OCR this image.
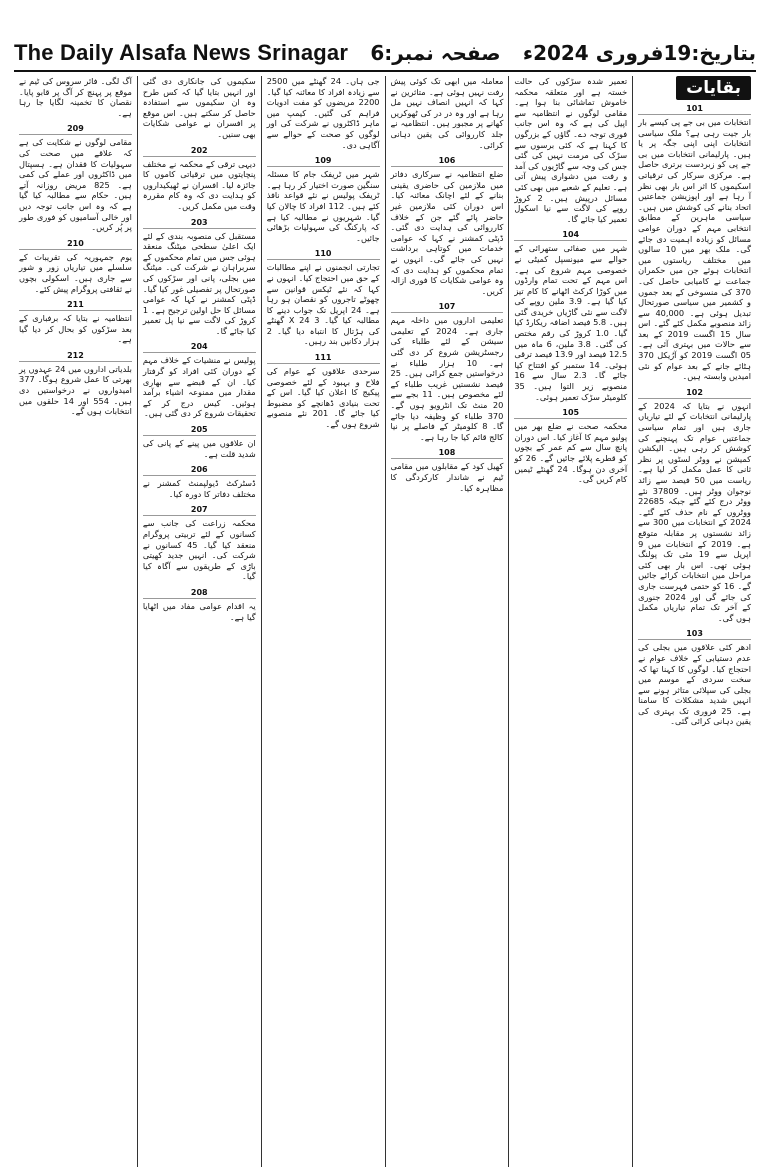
The Daily Alsafa News Srinagar صفحہ نمبر:6 بتاریخ:19فروری 2024ء
بقایات
101

انتخابات میں بی جے پی کیسے بار بار جیت رہی ہے؟ ملک سیاسی انتخابات اپنی اپنی جگہ پر یا ہیں۔ پارلیمانی انتخابات میں بی جے پی کو زبردست برتری حاصل ہے۔ مرکزی سرکار کی ترقیاتی اسکیموں کا اثر اس بار بھی نظر آ رہا ہے اور اپوزیشن جماعتیں اتحاد بنانے کی کوشش میں ہیں۔ سیاسی ماہرین کے مطابق انتخابی مہم کے دوران عوامی مسائل کو زیادہ اہمیت دی جائے گی۔ ملک بھر میں 10 سالوں میں مختلف ریاستوں میں انتخابات ہوئے جن میں حکمران جماعت نے کامیابی حاصل کی۔ 370 کی منسوخی کے بعد جموں و کشمیر میں سیاسی صورتحال تبدیل ہوئی ہے۔ 40,000 سے زائد منصوبے مکمل کئے گئے۔ اس سال 15 اگست 2019 کے بعد سے حالات میں بہتری آئی ہے۔ 05 اگست 2019 کو آرُیکل 370 ہٹائے جانے کے بعد عوام کو نئی امیدیں وابستہ ہیں۔

102

انہوں نے بتایا کہ 2024 کے پارلیمانی انتخابات کے لئے تیاریاں جاری ہیں اور تمام سیاسی جماعتیں عوام تک پہنچنے کی کوشش کر رہی ہیں۔ الیکشن کمیشن نے ووٹر لسٹوں پر نظر ثانی کا عمل مکمل کر لیا ہے۔ ریاست میں 50 فیصد سے زائد نوجوان ووٹر ہیں۔ 37809 نئے ووٹر درج کئے گئے جبکہ 22685 ووٹروں کے نام حذف کئے گئے۔ 2024 کے انتخابات میں 300 سے زائد نشستوں پر مقابلہ متوقع ہے۔ 2019 کے انتخابات میں 9 اپریل سے 19 مئی تک پولنگ ہوئی تھی۔ اس بار بھی کئی مراحل میں انتخابات کرائے جائیں گے۔ 16 کو حتمی فہرست جاری کی جائے گی اور 2024 جنوری کے آخر تک تمام تیاریاں مکمل ہوں گی۔

103

ادھر کئی علاقوں میں بجلی کی عدم دستیابی کے خلاف عوام نے احتجاج کیا۔ لوگوں کا کہنا تھا کہ سخت سردی کے موسم میں بجلی کی سپلائی متاثر ہونے سے انہیں شدید مشکلات کا سامنا ہے۔ 25 فروری تک بہتری کی یقین دہانی کرائی گئی۔

تعمیر شدہ سڑکوں کی حالت خستہ ہے اور متعلقہ محکمہ خاموش تماشائی بنا ہوا ہے۔ مقامی لوگوں نے انتظامیہ سے اپیل کی ہے کہ وہ اس جانب فوری توجہ دے۔ گاؤں کے بزرگوں کا کہنا ہے کہ کئی برسوں سے سڑک کی مرمت نہیں کی گئی جس کی وجہ سے گاڑیوں کی آمد و رفت میں دشواری پیش آتی ہے۔ تعلیم کے شعبے میں بھی کئی مسائل درپیش ہیں۔ 2 کروڑ روپے کی لاگت سے نیا اسکول تعمیر کیا جائے گا۔

104

شہر میں صفائی ستھرائی کے حوالے سے میونسپل کمیٹی نے خصوصی مہم شروع کی ہے۔ اس مہم کے تحت تمام وارڈوں میں کوڑا کرکٹ اٹھانے کا کام تیز کیا گیا ہے۔ 3.9 ملین روپے کی لاگت سے نئی گاڑیاں خریدی گئی ہیں۔ 5.8 فیصد اضافہ ریکارڈ کیا گیا۔ 1.0 کروڑ کی رقم مختص کی گئی۔ 3.8 ملین، 6 ماہ میں 12.5 فیصد اور 13.9 فیصد ترقی ہوئی۔ 14 ستمبر کو افتتاح کیا جائے گا۔ 2.3 سال سے 16 منصوبے زیر التوا ہیں۔ 35 کلومیٹر سڑک تعمیر ہوئی۔

105

محکمہ صحت نے ضلع بھر میں پولیو مہم کا آغاز کیا۔ اس دوران پانچ سال سے کم عمر کے بچوں کو قطرے پلائے جائیں گے۔ 26 کو آخری دن ہوگا۔ 24 گھنٹے ٹیمیں کام کریں گی۔

معاملہ میں ابھی تک کوئی پیش رفت نہیں ہوئی ہے۔ متاثرین نے کہا کہ انہیں انصاف نہیں مل رہا ہے اور وہ در در کی ٹھوکریں کھانے پر مجبور ہیں۔ انتظامیہ نے جلد کارروائی کی یقین دہانی کرائی۔

106

ضلع انتظامیہ نے سرکاری دفاتر میں ملازمین کی حاضری یقینی بنانے کے لئے اچانک معائنہ کیا۔ اس دوران کئی ملازمین غیر حاضر پائے گئے جن کے خلاف کارروائی کی ہدایت دی گئی۔ ڈپٹی کمشنر نے کہا کہ عوامی خدمات میں کوتاہی برداشت نہیں کی جائے گی۔ انہوں نے تمام محکموں کو ہدایت دی کہ وہ عوامی شکایات کا فوری ازالہ کریں۔

107

تعلیمی اداروں میں داخلہ مہم جاری ہے۔ 2024 کے تعلیمی سیشن کے لئے طلباء کی رجسٹریشن شروع کر دی گئی ہے۔ 10 ہزار طلباء نے درخواستیں جمع کرائی ہیں۔ 25 فیصد نشستیں غریب طلباء کے لئے مخصوص ہیں۔ 11 بجے سے 20 منٹ تک انٹرویو ہوں گے۔ 370 طلباء کو وظیفہ دیا جائے گا۔ 8 کلومیٹر کے فاصلے پر نیا کالج قائم کیا جا رہا ہے۔

108

کھیل کود کے مقابلوں میں مقامی ٹیم نے شاندار کارکردگی کا مظاہرہ کیا۔

جی ہاں۔ 24 گھنٹے میں 2500 سے زیادہ افراد کا معائنہ کیا گیا۔ 2200 مریضوں کو مفت ادویات فراہم کی گئیں۔ کیمپ میں ماہر ڈاکٹروں نے شرکت کی اور لوگوں کو صحت کے حوالے سے آگاہی دی۔

109

شہر میں ٹریفک جام کا مسئلہ سنگین صورت اختیار کر رہا ہے۔ ٹریفک پولیس نے نئے قواعد نافذ کئے ہیں۔ 112 افراد کا چالان کیا گیا۔ شہریوں نے مطالبہ کیا ہے کہ پارکنگ کی سہولیات بڑھائی جائیں۔

110

تجارتی انجمنوں نے اپنے مطالبات کے حق میں احتجاج کیا۔ انہوں نے کہا کہ نئے ٹیکس قوانین سے چھوٹے تاجروں کو نقصان ہو رہا ہے۔ 24 اپریل تک جواب دینے کا مطالبہ کیا گیا۔ 3 X 24 گھنٹے کی ہڑتال کا انتباہ دیا گیا۔ 2 ہزار دکانیں بند رہیں۔

111

سرحدی علاقوں کے عوام کی فلاح و بہبود کے لئے خصوصی پیکیج کا اعلان کیا گیا۔ اس کے تحت بنیادی ڈھانچے کو مضبوط کیا جائے گا۔ 201 نئے منصوبے شروع ہوں گے۔

سکیموں کی جانکاری دی گئی اور انہیں بتایا گیا کہ کس طرح وہ ان سکیموں سے استفادہ حاصل کر سکتے ہیں۔ اس موقع پر افسران نے عوامی شکایات بھی سنیں۔

202

دیہی ترقی کے محکمہ نے مختلف پنچایتوں میں ترقیاتی کاموں کا جائزہ لیا۔ افسران نے ٹھیکیداروں کو ہدایت دی کہ وہ کام مقررہ وقت میں مکمل کریں۔

203

مستقبل کی منصوبہ بندی کے لئے ایک اعلیٰ سطحی میٹنگ منعقد ہوئی جس میں تمام محکموں کے سربراہان نے شرکت کی۔ میٹنگ میں بجلی، پانی اور سڑکوں کی صورتحال پر تفصیلی غور کیا گیا۔ ڈپٹی کمشنر نے کہا کہ عوامی مسائل کا حل اولین ترجیح ہے۔ 1 کروڑ کی لاگت سے نیا پل تعمیر کیا جائے گا۔

204

پولیس نے منشیات کے خلاف مہم کے دوران کئی افراد کو گرفتار کیا۔ ان کے قبضے سے بھاری مقدار میں ممنوعہ اشیاء برآمد ہوئیں۔ کیس درج کر کے تحقیقات شروع کر دی گئی ہیں۔

205

ان علاقوں میں پینے کے پانی کی شدید قلت ہے۔

206

ڈسٹرکٹ ڈیولپمنٹ کمشنر نے مختلف دفاتر کا دورہ کیا۔

207

محکمہ زراعت کی جانب سے کسانوں کے لئے تربیتی پروگرام منعقد کیا گیا۔ 45 کسانوں نے شرکت کی۔ انہیں جدید کھیتی باڑی کے طریقوں سے آگاہ کیا گیا۔

208

یہ اقدام عوامی مفاد میں اٹھایا گیا ہے۔

آگ لگی۔ فائر سروس کی ٹیم نے موقع پر پہنچ کر آگ پر قابو پایا۔ نقصان کا تخمینہ لگایا جا رہا ہے۔

209

مقامی لوگوں نے شکایت کی ہے کہ علاقے میں صحت کی سہولیات کا فقدان ہے۔ ہسپتال میں ڈاکٹروں اور عملے کی کمی ہے۔ 825 مریض روزانہ آتے ہیں۔ حکام سے مطالبہ کیا گیا ہے کہ وہ اس جانب توجہ دیں اور خالی آسامیوں کو فوری طور پر پُر کریں۔

210

یوم جمہوریہ کی تقریبات کے سلسلے میں تیاریاں زور و شور سے جاری ہیں۔ اسکولی بچوں نے ثقافتی پروگرام پیش کئے۔

211

انتظامیہ نے بتایا کہ برفباری کے بعد سڑکوں کو بحال کر دیا گیا ہے۔

212

بلدیاتی اداروں میں 24 عہدوں پر بھرتی کا عمل شروع ہوگا۔ 377 امیدواروں نے درخواستیں دی ہیں۔ 554 اور 14 حلقوں میں انتخابات ہوں گے۔
